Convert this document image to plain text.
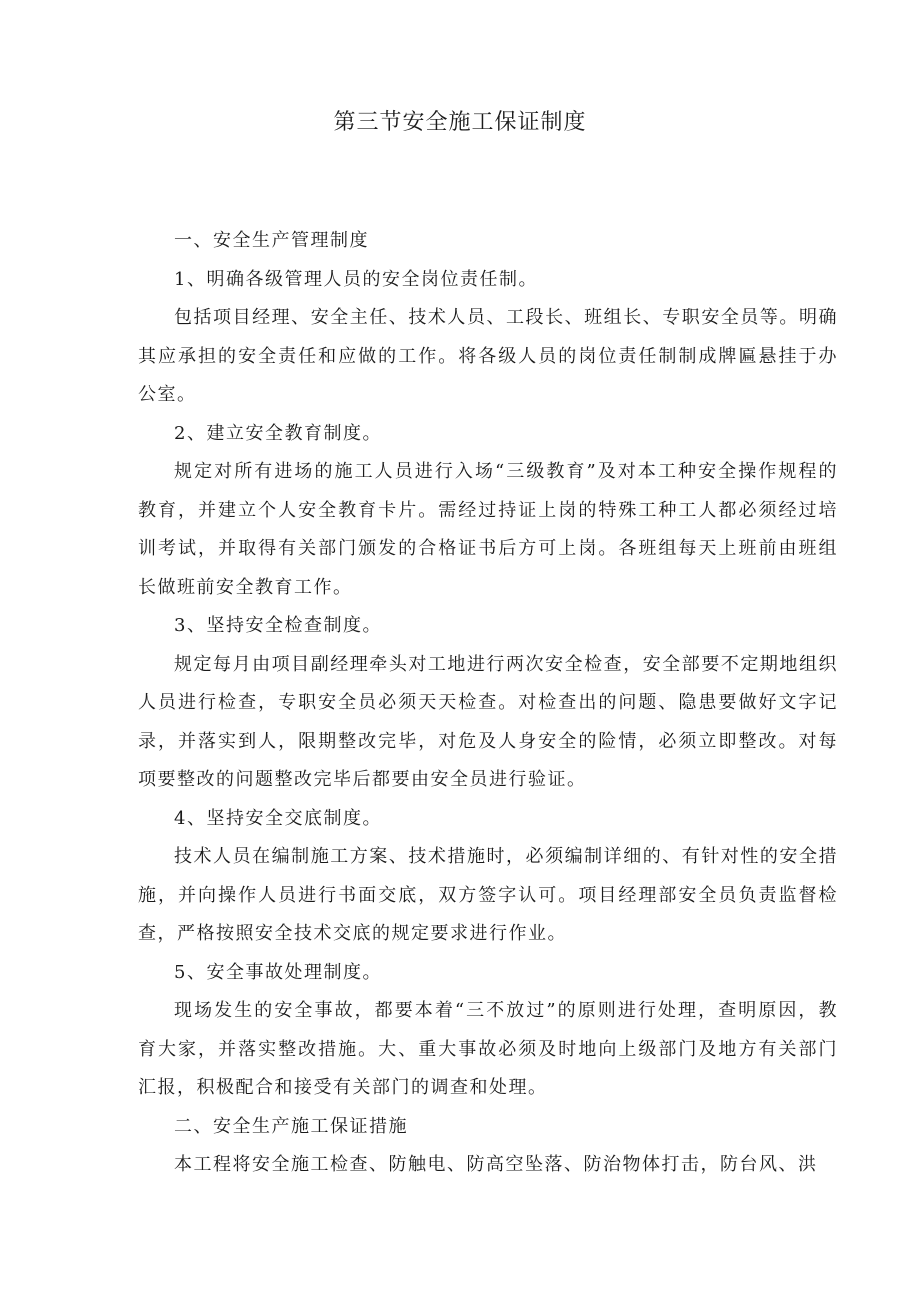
第三节安全施工保证制度

一、安全生产管理制度

1、明确各级管理人员的安全岗位责任制。

包括项目经理、安全主任、技术人员、工段长、班组长、专职安全员等。明确其应承担的安全责任和应做的工作。将各级人员的岗位责任制制成牌匾悬挂于办公室。

2、建立安全教育制度。

规定对所有进场的施工人员进行入场“三级教育”及对本工种安全操作规程的教育，并建立个人安全教育卡片。需经过持证上岗的特殊工种工人都必须经过培训考试，并取得有关部门颁发的合格证书后方可上岗。各班组每天上班前由班组长做班前安全教育工作。

3、坚持安全检查制度。

规定每月由项目副经理牵头对工地进行两次安全检查，安全部要不定期地组织人员进行检查，专职安全员必须天天检查。对检查出的问题、隐患要做好文字记录，并落实到人，限期整改完毕，对危及人身安全的险情，必须立即整改。对每项要整改的问题整改完毕后都要由安全员进行验证。

4、坚持安全交底制度。

技术人员在编制施工方案、技术措施时，必须编制详细的、有针对性的安全措施，并向操作人员进行书面交底，双方签字认可。项目经理部安全员负责监督检查，严格按照安全技术交底的规定要求进行作业。

5、安全事故处理制度。

现场发生的安全事故，都要本着“三不放过”的原则进行处理，查明原因，教育大家，并落实整改措施。大、重大事故必须及时地向上级部门及地方有关部门汇报，积极配合和接受有关部门的调查和处理。

二、安全生产施工保证措施

本工程将安全施工检查、防触电、防高空坠落、防治物体打击，防台风、洪
